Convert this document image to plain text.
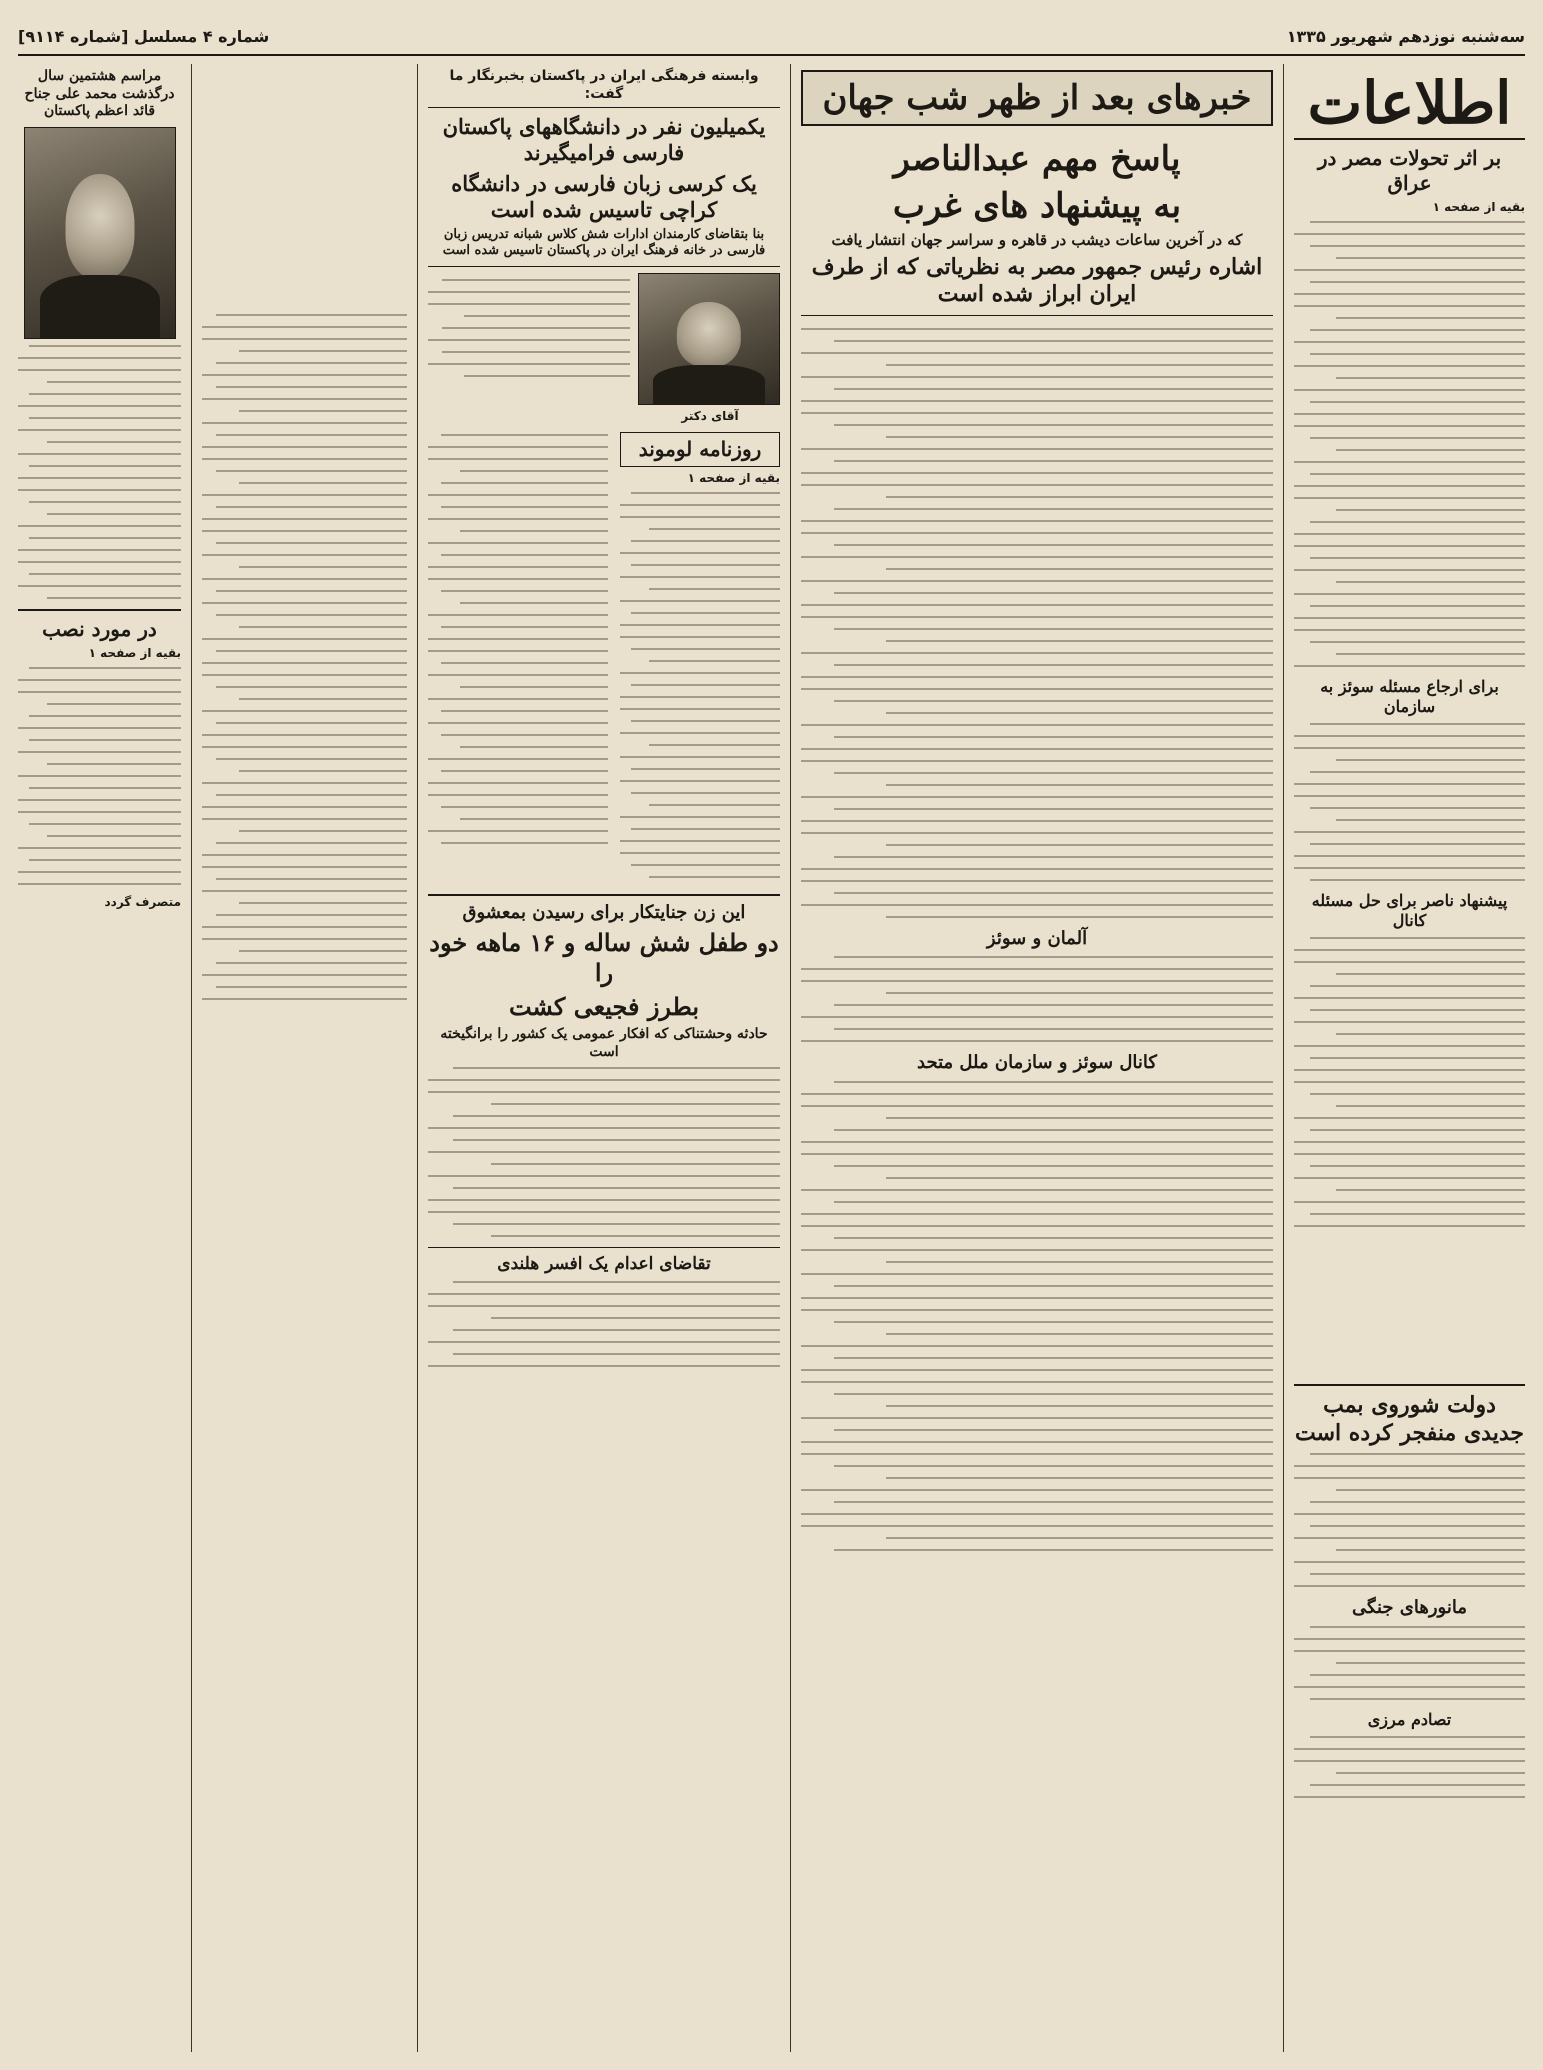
سه‌شنبه نوزدهم شهریور ۱۳۳۵
شماره ۴ مسلسل [شماره ۹۱۱۴]
اطلاعات
بر اثر تحولات مصر در عراق
بقیه از صفحه ۱
برای ارجاع مسئله سوئز به سازمان
پیشنهاد ناصر برای حل مسئله کانال
خبرهای بعد از ظهر شب جهان
پاسخ مهم عبدالناصر
به پیشنهاد های غرب
که در آخرین ساعات دیشب در قاهره و سراسر جهان انتشار یافت
اشاره رئیس جمهور مصر به نظریاتی که از طرف ایران ابراز شده است
آلمان و سوئز
کانال سوئز و سازمان ملل متحد
دولت شوروی بمب جدیدی منفجر کرده است
مانورهای جنگی
تصادم مرزی
وابسته فرهنگی ایران در پاکستان بخبرنگار ما گفت:
یکمیلیون نفر در دانشگاههای پاکستان فارسی فرامیگیرند
یک کرسی زبان فارسی در دانشگاه کراچی تاسیس شده است
بنا بتقاضای کارمندان ادارات شش کلاس شبانه تدریس زبان فارسی در خانه فرهنگ ایران در پاکستان تاسیس شده است
آقای دکتر
روزنامه لوموند
بقیه از صفحه ۱
این زن جنایتکار برای رسیدن بمعشوق
دو طفل شش ساله و ۱۶ ماهه خود را
بطرز فجیعی کشت
حادثه وحشتناکی که افکار عمومی یک کشور را برانگیخته است
تقاضای اعدام یک افسر هلندی
مراسم هشتمین سال درگذشت محمد علی جناح قائد اعظم پاکستان
در مورد نصب
بقیه از صفحه ۱
متصرف گردد
